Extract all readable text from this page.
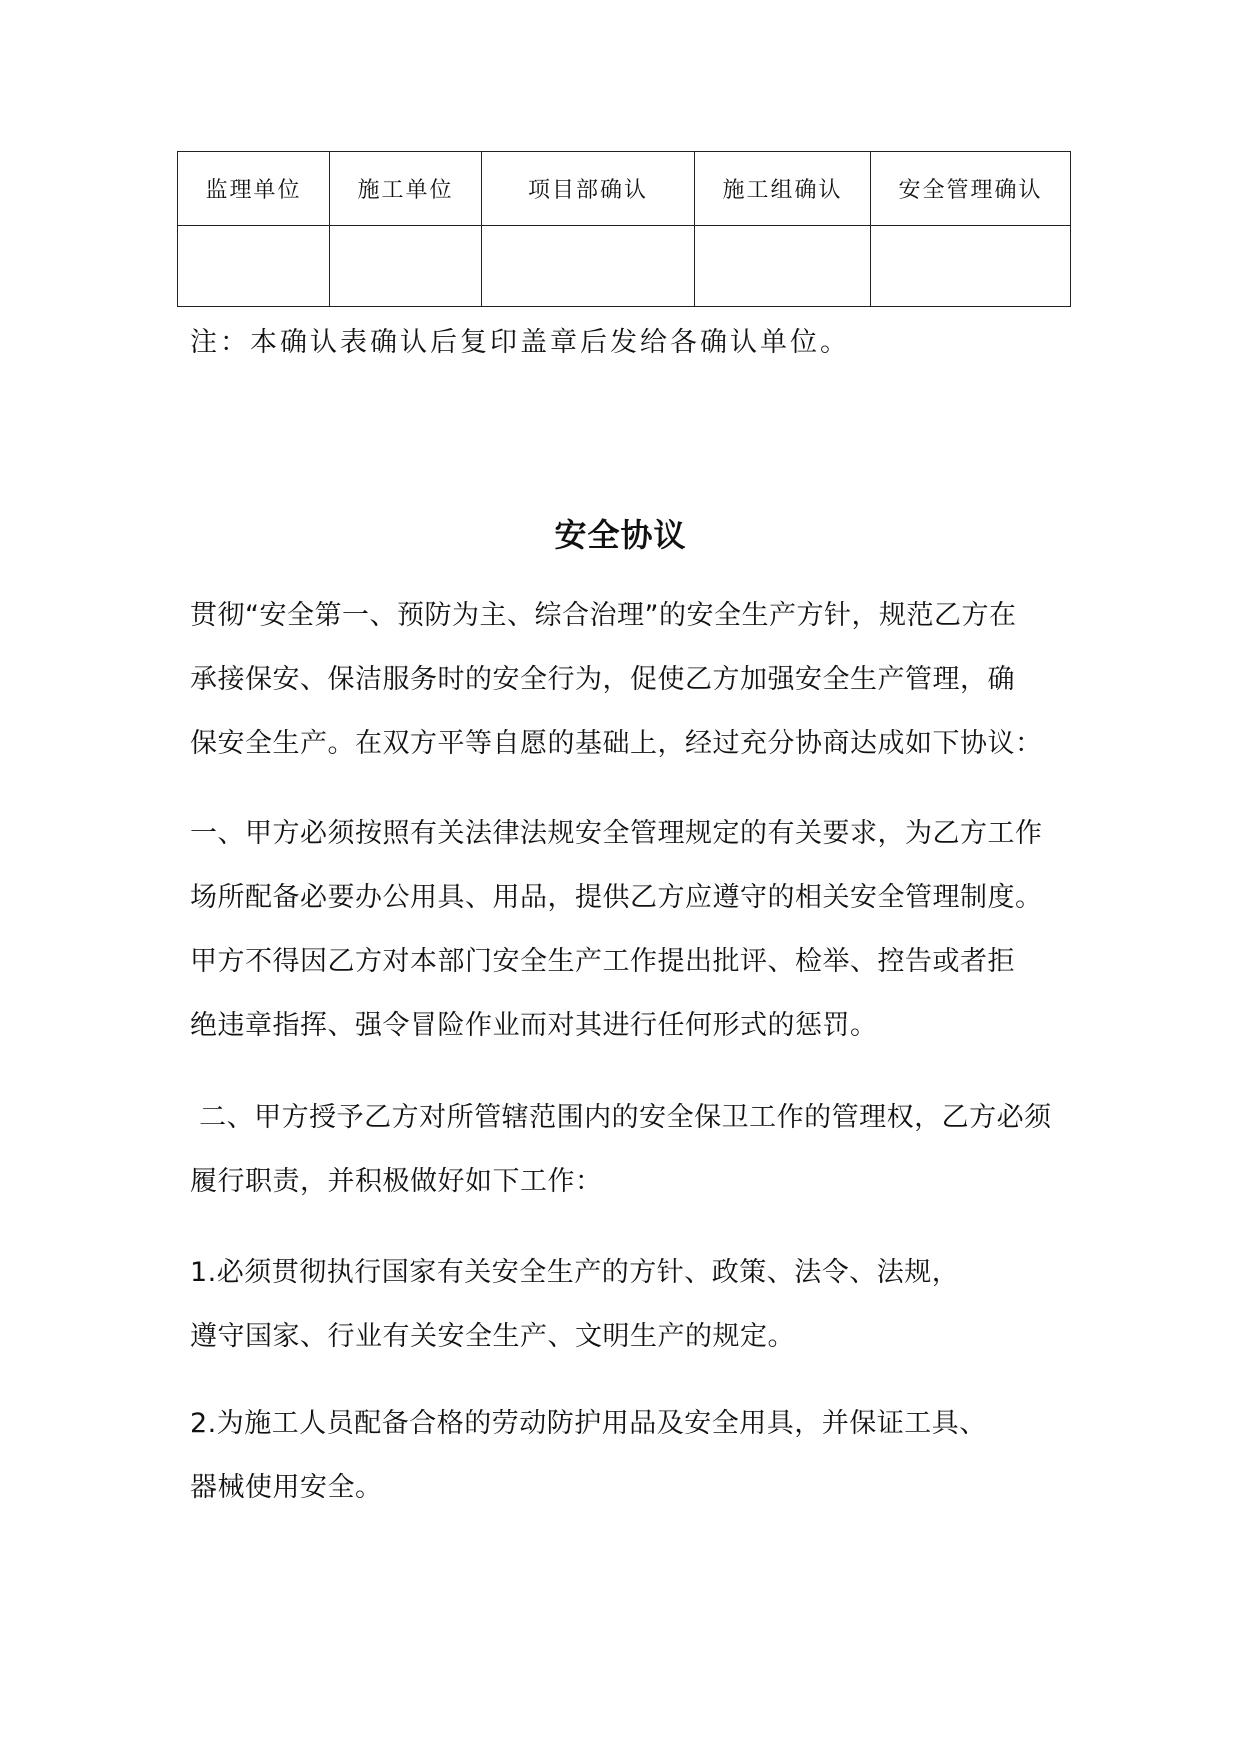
监理单位	施工单位	项目部确认	施工组确认	安全管理确认

注：本确认表确认后复印盖章后发给各确认单位。

安全协议

贯彻“安全第一、预防为主、综合治理”的安全生产方针，规范乙方在
承接保安、保洁服务时的安全行为，促使乙方加强安全生产管理，确
保安全生产。在双方平等自愿的基础上，经过充分协商达成如下协议：

一、甲方必须按照有关法律法规安全管理规定的有关要求，为乙方工作
场所配备必要办公用具、用品，提供乙方应遵守的相关安全管理制度。
甲方不得因乙方对本部门安全生产工作提出批评、检举、控告或者拒
绝违章指挥、强令冒险作业而对其进行任何形式的惩罚。

二、甲方授予乙方对所管辖范围内的安全保卫工作的管理权，乙方必须
履行职责，并积极做好如下工作：

1.必须贯彻执行国家有关安全生产的方针、政策、法令、法规，
遵守国家、行业有关安全生产、文明生产的规定。

2.为施工人员配备合格的劳动防护用品及安全用具，并保证工具、
器械使用安全。
